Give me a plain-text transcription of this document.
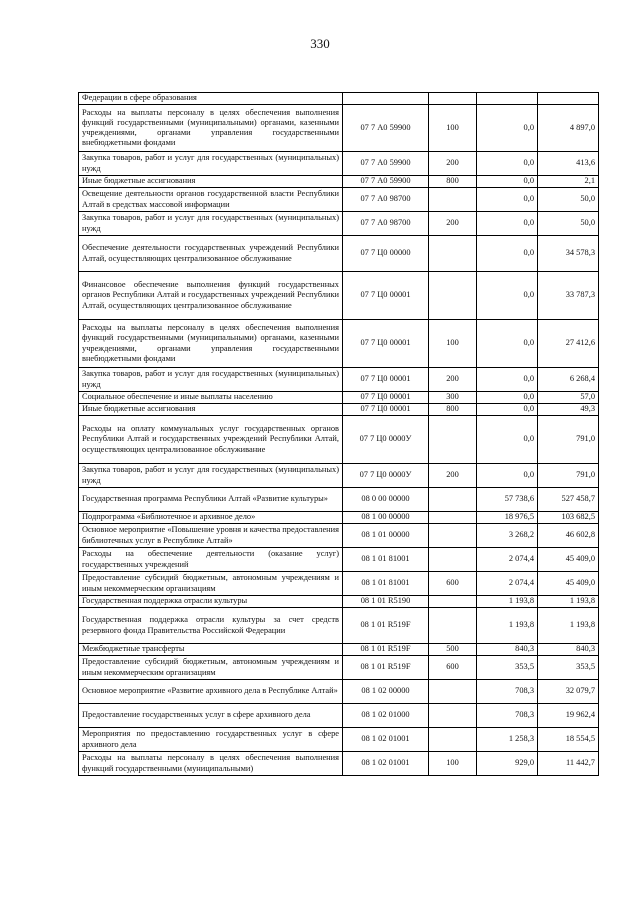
330
Федерации в сфере образования				
Расходы на выплаты персоналу в целях обеспечения выполнения функций государственными (муниципальными) органами, казенными учреждениями, органами управления государственными внебюджетными фондами	07 7 А0 59900	100	0,0	4 897,0
Закупка товаров, работ и услуг для государственных (муниципальных) нужд	07 7 А0 59900	200	0,0	413,6
Иные бюджетные ассигнования	07 7 А0 59900	800	0,0	2,1
Освещение деятельности органов государственной власти Республики Алтай в средствах массовой информации	07 7 А0 98700		0,0	50,0
Закупка товаров, работ и услуг для государственных (муниципальных) нужд	07 7 А0 98700	200	0,0	50,0
Обеспечение деятельности государственных учреждений Республики Алтай, осуществляющих централизованное обслуживание	07 7 Ц0 00000		0,0	34 578,3
Финансовое обеспечение выполнения функций государственных органов Республики Алтай и государственных учреждений Республики Алтай, осуществляющих централизованное обслуживание	07 7 Ц0 00001		0,0	33 787,3
Расходы на выплаты персоналу в целях обеспечения выполнения функций государственными (муниципальными) органами, казенными учреждениями, органами управления государственными внебюджетными фондами	07 7 Ц0 00001	100	0,0	27 412,6
Закупка товаров, работ и услуг для государственных (муниципальных) нужд	07 7 Ц0 00001	200	0,0	6 268,4
Социальное обеспечение и иные выплаты населению	07 7 Ц0 00001	300	0,0	57,0
Иные бюджетные ассигнования	07 7 Ц0 00001	800	0,0	49,3
Расходы на оплату коммунальных услуг государственных органов Республики Алтай и государственных учреждений Республики Алтай, осуществляющих централизованное обслуживание	07 7 Ц0 0000У		0,0	791,0
Закупка товаров, работ и услуг для государственных (муниципальных) нужд	07 7 Ц0 0000У	200	0,0	791,0
Государственная программа Республики Алтай «Развитие культуры»	08 0 00 00000		57 738,6	527 458,7
Подпрограмма «Библиотечное и архивное дело»	08 1 00 00000		18 976,5	103 682,5
Основное мероприятие «Повышение уровня и качества предоставления библиотечных услуг в Республике Алтай»	08 1 01 00000		3 268,2	46 602,8
Расходы на обеспечение деятельности (оказание услуг) государственных учреждений	08 1 01 81001		2 074,4	45 409,0
Предоставление субсидий бюджетным, автономным учреждениям и иным некоммерческим организациям	08 1 01 81001	600	2 074,4	45 409,0
Государственная поддержка отрасли культуры	08 1 01 R5190		1 193,8	1 193,8
Государственная поддержка отрасли культуры за счет средств резервного фонда Правительства Российской Федерации	08 1 01 R519F		1 193,8	1 193,8
Межбюджетные трансферты	08 1 01 R519F	500	840,3	840,3
Предоставление субсидий бюджетным, автономным учреждениям и иным некоммерческим организациям	08 1 01 R519F	600	353,5	353,5
Основное мероприятие «Развитие архивного дела в Республике Алтай»	08 1 02 00000		708,3	32 079,7
Предоставление государственных услуг в сфере архивного дела	08 1 02 01000		708,3	19 962,4
Мероприятия по предоставлению государственных услуг в сфере архивного дела	08 1 02 01001		1 258,3	18 554,5
Расходы на выплаты персоналу в целях обеспечения выполнения функций государственными (муниципальными)	08 1 02 01001	100	929,0	11 442,7
